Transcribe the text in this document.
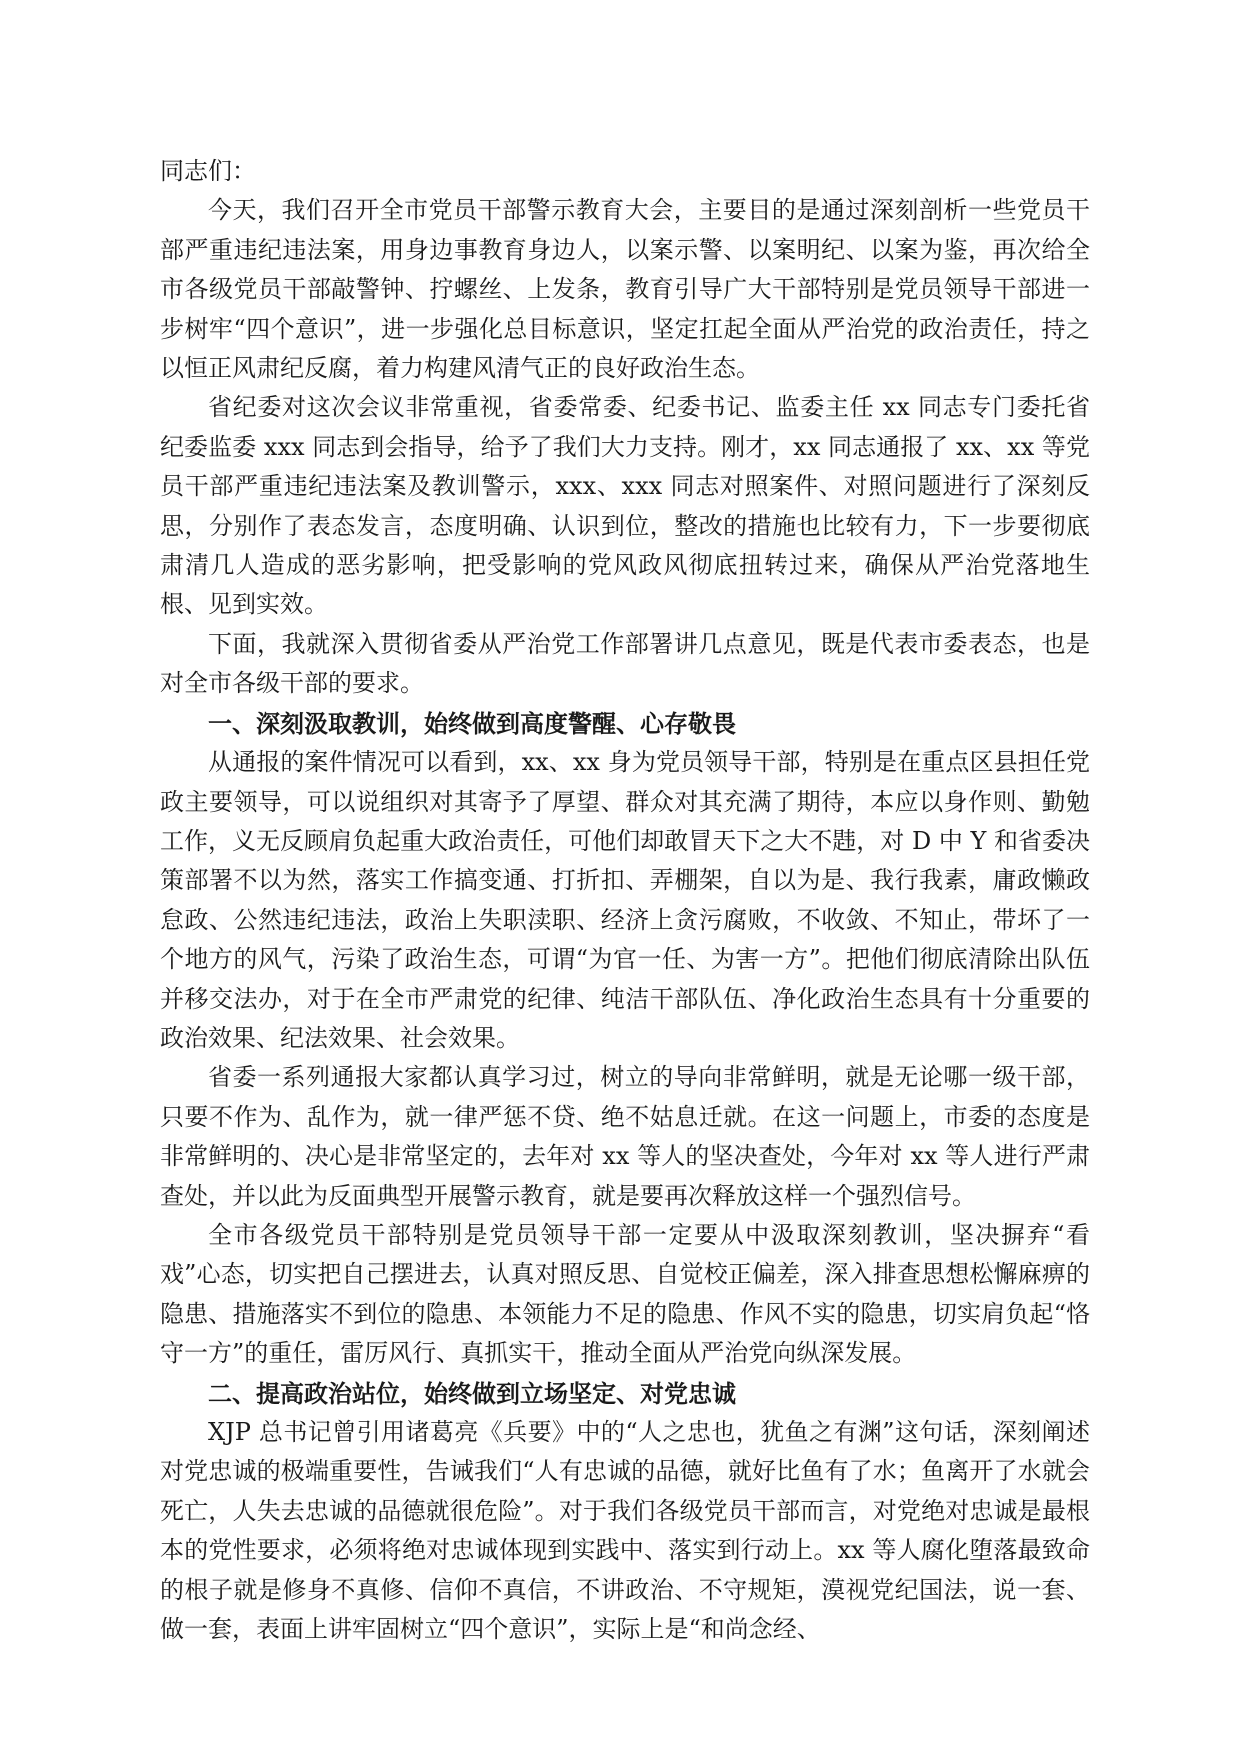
同志们：

今天，我们召开全市党员干部警示教育大会，主要目的是通过深刻剖析一些党员干部严重违纪违法案，用身边事教育身边人，以案示警、以案明纪、以案为鉴，再次给全市各级党员干部敲警钟、拧螺丝、上发条，教育引导广大干部特别是党员领导干部进一步树牢“四个意识”，进一步强化总目标意识，坚定扛起全面从严治党的政治责任，持之以恒正风肃纪反腐，着力构建风清气正的良好政治生态。

省纪委对这次会议非常重视，省委常委、纪委书记、监委主任 xx 同志专门委托省纪委监委 xxx 同志到会指导，给予了我们大力支持。刚才，xx 同志通报了 xx、xx 等党员干部严重违纪违法案及教训警示，xxx、xxx 同志对照案件、对照问题进行了深刻反思，分别作了表态发言，态度明确、认识到位，整改的措施也比较有力，下一步要彻底肃清几人造成的恶劣影响，把受影响的党风政风彻底扭转过来，确保从严治党落地生根、见到实效。

下面，我就深入贯彻省委从严治党工作部署讲几点意见，既是代表市委表态，也是对全市各级干部的要求。

一、深刻汲取教训，始终做到高度警醒、心存敬畏

从通报的案件情况可以看到，xx、xx 身为党员领导干部，特别是在重点区县担任党政主要领导，可以说组织对其寄予了厚望、群众对其充满了期待，本应以身作则、勤勉工作，义无反顾肩负起重大政治责任，可他们却敢冒天下之大不韪，对 D 中 Y 和省委决策部署不以为然，落实工作搞变通、打折扣、弄棚架，自以为是、我行我素，庸政懒政怠政、公然违纪违法，政治上失职渎职、经济上贪污腐败，不收敛、不知止，带坏了一个地方的风气，污染了政治生态，可谓“为官一任、为害一方”。把他们彻底清除出队伍并移交法办，对于在全市严肃党的纪律、纯洁干部队伍、净化政治生态具有十分重要的政治效果、纪法效果、社会效果。

省委一系列通报大家都认真学习过，树立的导向非常鲜明，就是无论哪一级干部，只要不作为、乱作为，就一律严惩不贷、绝不姑息迁就。在这一问题上，市委的态度是非常鲜明的、决心是非常坚定的，去年对 xx 等人的坚决查处，今年对 xx 等人进行严肃查处，并以此为反面典型开展警示教育，就是要再次释放这样一个强烈信号。

全市各级党员干部特别是党员领导干部一定要从中汲取深刻教训，坚决摒弃“看戏”心态，切实把自己摆进去，认真对照反思、自觉校正偏差，深入排查思想松懈麻痹的隐患、措施落实不到位的隐患、本领能力不足的隐患、作风不实的隐患，切实肩负起“恪守一方”的重任，雷厉风行、真抓实干，推动全面从严治党向纵深发展。

二、提高政治站位，始终做到立场坚定、对党忠诚

XJP 总书记曾引用诸葛亮《兵要》中的“人之忠也，犹鱼之有渊”这句话，深刻阐述对党忠诚的极端重要性，告诫我们“人有忠诚的品德，就好比鱼有了水；鱼离开了水就会死亡，人失去忠诚的品德就很危险”。对于我们各级党员干部而言，对党绝对忠诚是最根本的党性要求，必须将绝对忠诚体现到实践中、落实到行动上。xx 等人腐化堕落最致命的根子就是修身不真修、信仰不真信，不讲政治、不守规矩，漠视党纪国法，说一套、做一套，表面上讲牢固树立“四个意识”，实际上是“和尚念经、
